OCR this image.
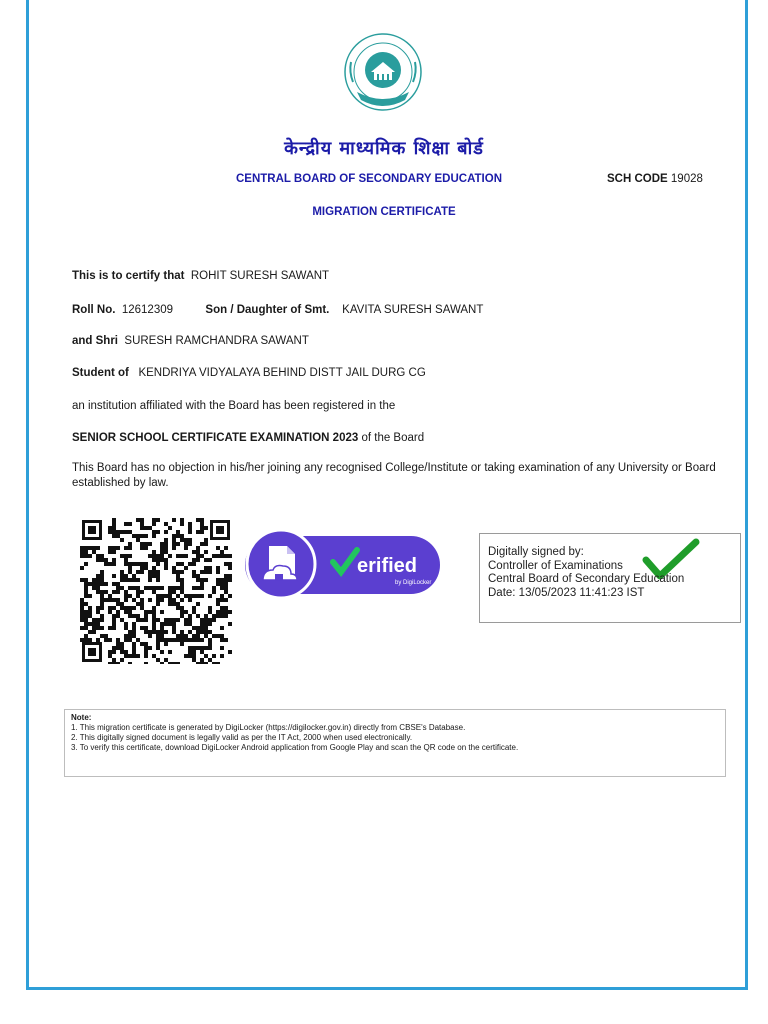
केन्द्रीय माध्यमिक शिक्षा बोर्ड
CENTRAL BOARD OF SECONDARY EDUCATION	SCH CODE 19028
MIGRATION CERTIFICATE
This is to certify that ROHIT SURESH SAWANT
Roll No. 12612309	Son / Daughter of Smt. KAVITA SURESH SAWANT
and Shri SURESH RAMCHANDRA SAWANT
Student of KENDRIYA VIDYALAYA BEHIND DISTT JAIL DURG CG
an institution affiliated with the Board has been registered in the
SENIOR SCHOOL CERTIFICATE EXAMINATION 2023 of the Board
This Board has no objection in his/her joining any recognised College/Institute or taking examination of any University or Board established by law.
erified
by DigiLocker
Digitally signed by:
Controller of Examinations
Central Board of Secondary Education
Date: 13/05/2023 11:41:23 IST
Note:
1. This migration certificate is generated by DigiLocker (https://digilocker.gov.in) directly from CBSE's Database.
2. This digitally signed document is legally valid as per the IT Act, 2000 when used electronically.
3. To verify this certificate, download DigiLocker Android application from Google Play and scan the QR code on the certificate.
